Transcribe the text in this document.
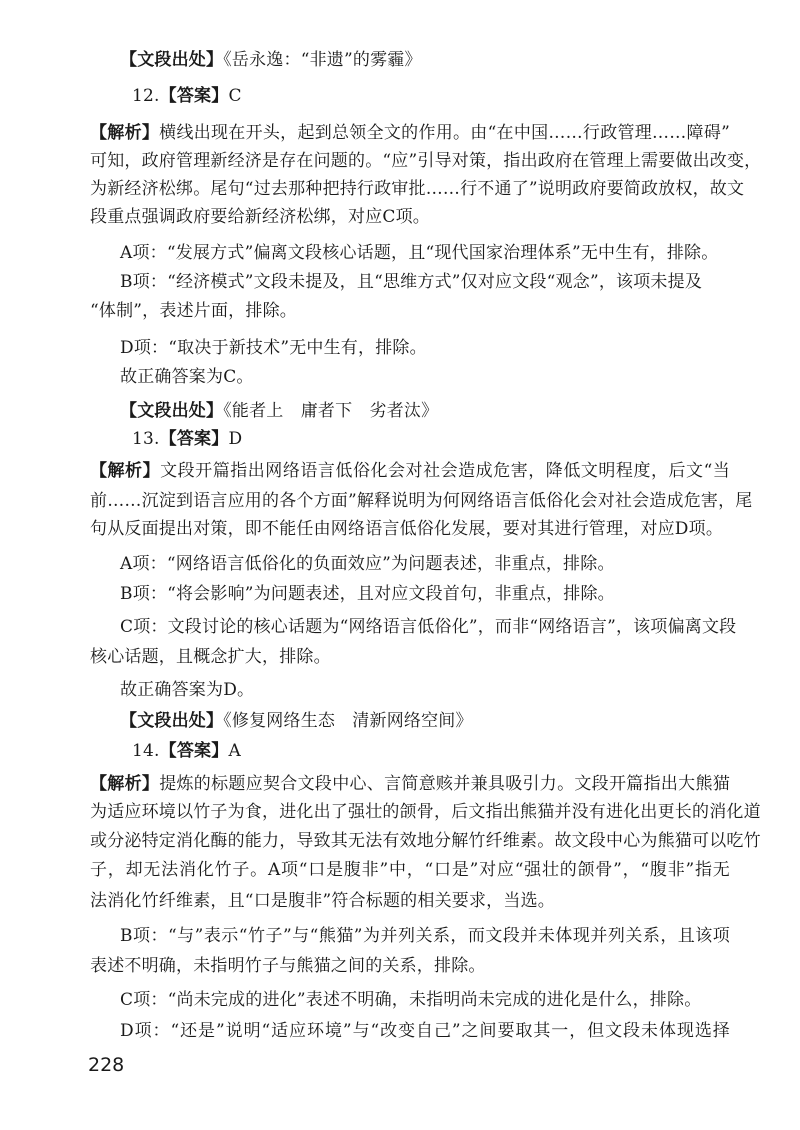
【文段出处】《岳永逸：“非遗”的雾霾》
12.【答案】C
【解析】横线出现在开头，起到总领全文的作用。由“在中国……行政管理……障碍”
可知，政府管理新经济是存在问题的。“应”引导对策，指出政府在管理上需要做出改变，
为新经济松绑。尾句“过去那种把持行政审批……行不通了”说明政府要简政放权，故文
段重点强调政府要给新经济松绑，对应C项。
A项：“发展方式”偏离文段核心话题，且“现代国家治理体系”无中生有，排除。
B项：“经济模式”文段未提及，且“思维方式”仅对应文段“观念”，该项未提及
“体制”，表述片面，排除。
D项：“取决于新技术”无中生有，排除。
故正确答案为C。
【文段出处】《能者上　庸者下　劣者汰》
13.【答案】D
【解析】文段开篇指出网络语言低俗化会对社会造成危害，降低文明程度，后文“当
前……沉淀到语言应用的各个方面”解释说明为何网络语言低俗化会对社会造成危害，尾
句从反面提出对策，即不能任由网络语言低俗化发展，要对其进行管理，对应D项。
A项：“网络语言低俗化的负面效应”为问题表述，非重点，排除。
B项：“将会影响”为问题表述，且对应文段首句，非重点，排除。
C项：文段讨论的核心话题为“网络语言低俗化”，而非“网络语言”，该项偏离文段
核心话题，且概念扩大，排除。
故正确答案为D。
【文段出处】《修复网络生态　清新网络空间》
14.【答案】A
【解析】提炼的标题应契合文段中心、言简意赅并兼具吸引力。文段开篇指出大熊猫
为适应环境以竹子为食，进化出了强壮的颌骨，后文指出熊猫并没有进化出更长的消化道
或分泌特定消化酶的能力，导致其无法有效地分解竹纤维素。故文段中心为熊猫可以吃竹
子，却无法消化竹子。A项“口是腹非”中，“口是”对应“强壮的颌骨”，“腹非”指无
法消化竹纤维素，且“口是腹非”符合标题的相关要求，当选。
B项：“与”表示“竹子”与“熊猫”为并列关系，而文段并未体现并列关系，且该项
表述不明确，未指明竹子与熊猫之间的关系，排除。
C项：“尚未完成的进化”表述不明确，未指明尚未完成的进化是什么，排除。
D项：“还是”说明“适应环境”与“改变自己”之间要取其一，但文段未体现选择
228
